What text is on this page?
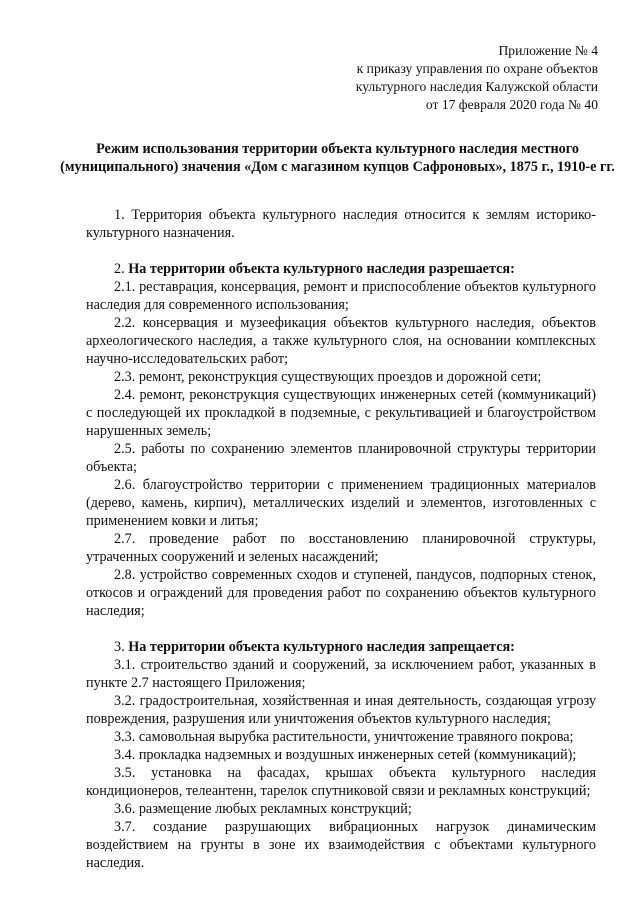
Приложение № 4
к приказу управления по охране объектов
культурного наследия Калужской области
от 17 февраля 2020 года № 40
Режим использования территории объекта культурного наследия местного (муниципального) значения «Дом с магазином купцов Сафроновых», 1875 г., 1910-е гг.

1. Территория объекта культурного наследия относится к землям историко-культурного назначения.

2. На территории объекта культурного наследия разрешается:

2.1. реставрация, консервация, ремонт и приспособление объектов культурного наследия для современного использования;

2.2. консервация и музеефикация объектов культурного наследия, объектов археологического наследия, а также культурного слоя, на основании комплексных научно-исследовательских работ;

2.3. ремонт, реконструкция существующих проездов и дорожной сети;

2.4. ремонт, реконструкция существующих инженерных сетей (коммуникаций) с последующей их прокладкой в подземные, с рекультивацией и благоустройством нарушенных земель;

2.5. работы по сохранению элементов планировочной структуры территории объекта;

2.6. благоустройство территории с применением традиционных материалов (дерево, камень, кирпич), металлических изделий и элементов, изготовленных с применением ковки и литья;

2.7. проведение работ по восстановлению планировочной структуры, утраченных сооружений и зеленых насаждений;

2.8. устройство современных сходов и ступеней, пандусов, подпорных стенок, откосов и ограждений для проведения работ по сохранению объектов культурного наследия;

3. На территории объекта культурного наследия запрещается:

3.1. строительство зданий и сооружений, за исключением работ, указанных в пункте 2.7 настоящего Приложения;

3.2. градостроительная, хозяйственная и иная деятельность, создающая угрозу повреждения, разрушения или уничтожения объектов культурного наследия;

3.3. самовольная вырубка растительности, уничтожение травяного покрова;

3.4. прокладка надземных и воздушных инженерных сетей (коммуникаций);

3.5. установка на фасадах, крышах объекта культурного наследия кондиционеров, телеантенн, тарелок спутниковой связи и рекламных конструкций;

3.6. размещение любых рекламных конструкций;

3.7. создание разрушающих вибрационных нагрузок динамическим воздействием на грунты в зоне их взаимодействия с объектами культурного наследия.
